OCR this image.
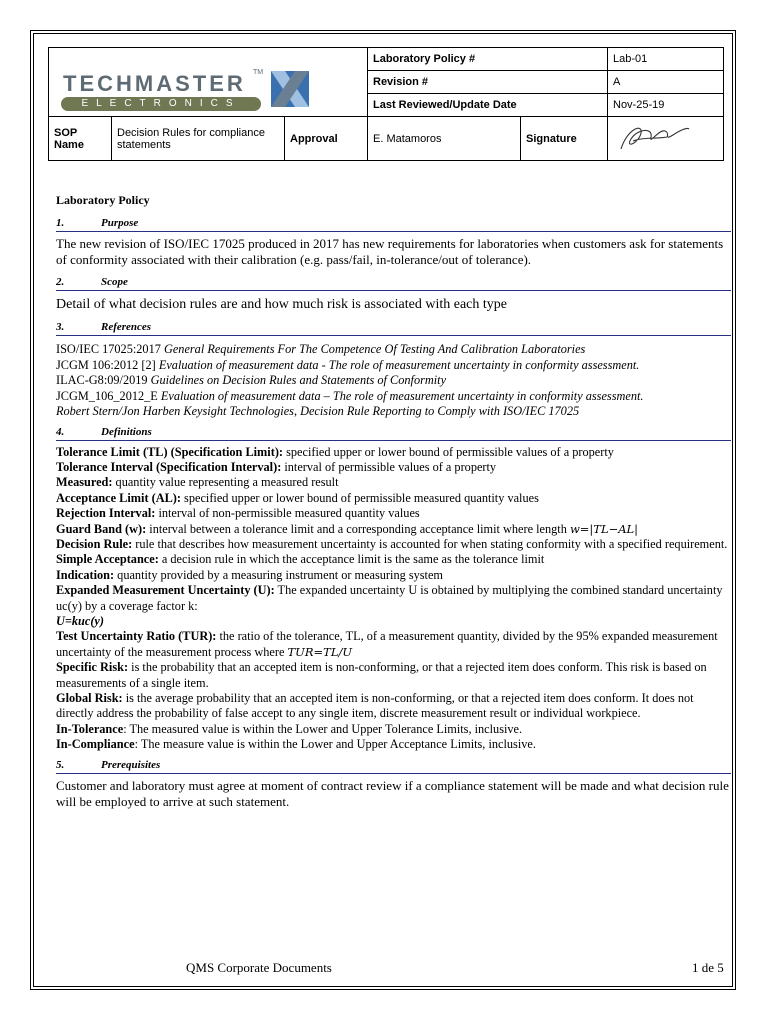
TECHMASTER TM
ELECTRONICS			Laboratory Policy #		Lab-01
			Revision #		A
			Last Reviewed/Update Date		Nov-25-19
SOP Name	Decision Rules for compliance statements	Approval	E. Matamoros	Signature	
Laboratory Policy
1.	Purpose
The new revision of ISO/IEC 17025 produced in 2017 has new requirements for laboratories when customers ask for statements of conformity associated with their calibration (e.g. pass/fail, in-tolerance/out of tolerance).
2.	Scope
Detail of what decision rules are and how much risk is associated with each type
3.	References
ISO/IEC 17025:2017 General Requirements For The Competence Of Testing And Calibration Laboratories
JCGM 106:2012 [2] Evaluation of measurement data - The role of measurement uncertainty in conformity assessment.
ILAC-G8:09/2019 Guidelines on Decision Rules and Statements of Conformity
JCGM_106_2012_E Evaluation of measurement data – The role of measurement uncertainty in conformity assessment.
Robert Stern/Jon Harben Keysight Technologies, Decision Rule Reporting to Comply with ISO/IEC 17025
4.	Definitions
Tolerance Limit (TL) (Specification Limit): specified upper or lower bound of permissible values of a property
Tolerance Interval (Specification Interval): interval of permissible values of a property
Measured: quantity value representing a measured result
Acceptance Limit (AL): specified upper or lower bound of permissible measured quantity values
Rejection Interval: interval of non-permissible measured quantity values
Guard Band (w): interval between a tolerance limit and a corresponding acceptance limit where length w=|TL−AL|
Decision Rule: rule that describes how measurement uncertainty is accounted for when stating conformity with a specified requirement.
Simple Acceptance: a decision rule in which the acceptance limit is the same as the tolerance limit
Indication: quantity provided by a measuring instrument or measuring system
Expanded Measurement Uncertainty (U): The expanded uncertainty U is obtained by multiplying the combined standard uncertainty uc(y) by a coverage factor k:
U=kuc(y)
Test Uncertainty Ratio (TUR): the ratio of the tolerance, TL, of a measurement quantity, divided by the 95% expanded measurement uncertainty of the measurement process where TUR=TL/U
Specific Risk: is the probability that an accepted item is non-conforming, or that a rejected item does conform. This risk is based on measurements of a single item.
Global Risk: is the average probability that an accepted item is non-conforming, or that a rejected item does conform. It does not directly address the probability of false accept to any single item, discrete measurement result or individual workpiece.
In-Tolerance: The measured value is within the Lower and Upper Tolerance Limits, inclusive.
In-Compliance: The measure value is within the Lower and Upper Acceptance Limits, inclusive.
5.	Prerequisites
Customer and laboratory must agree at moment of contract review if a compliance statement will be made and what decision rule will be employed to arrive at such statement.
QMS Corporate Documents	1 de 5
